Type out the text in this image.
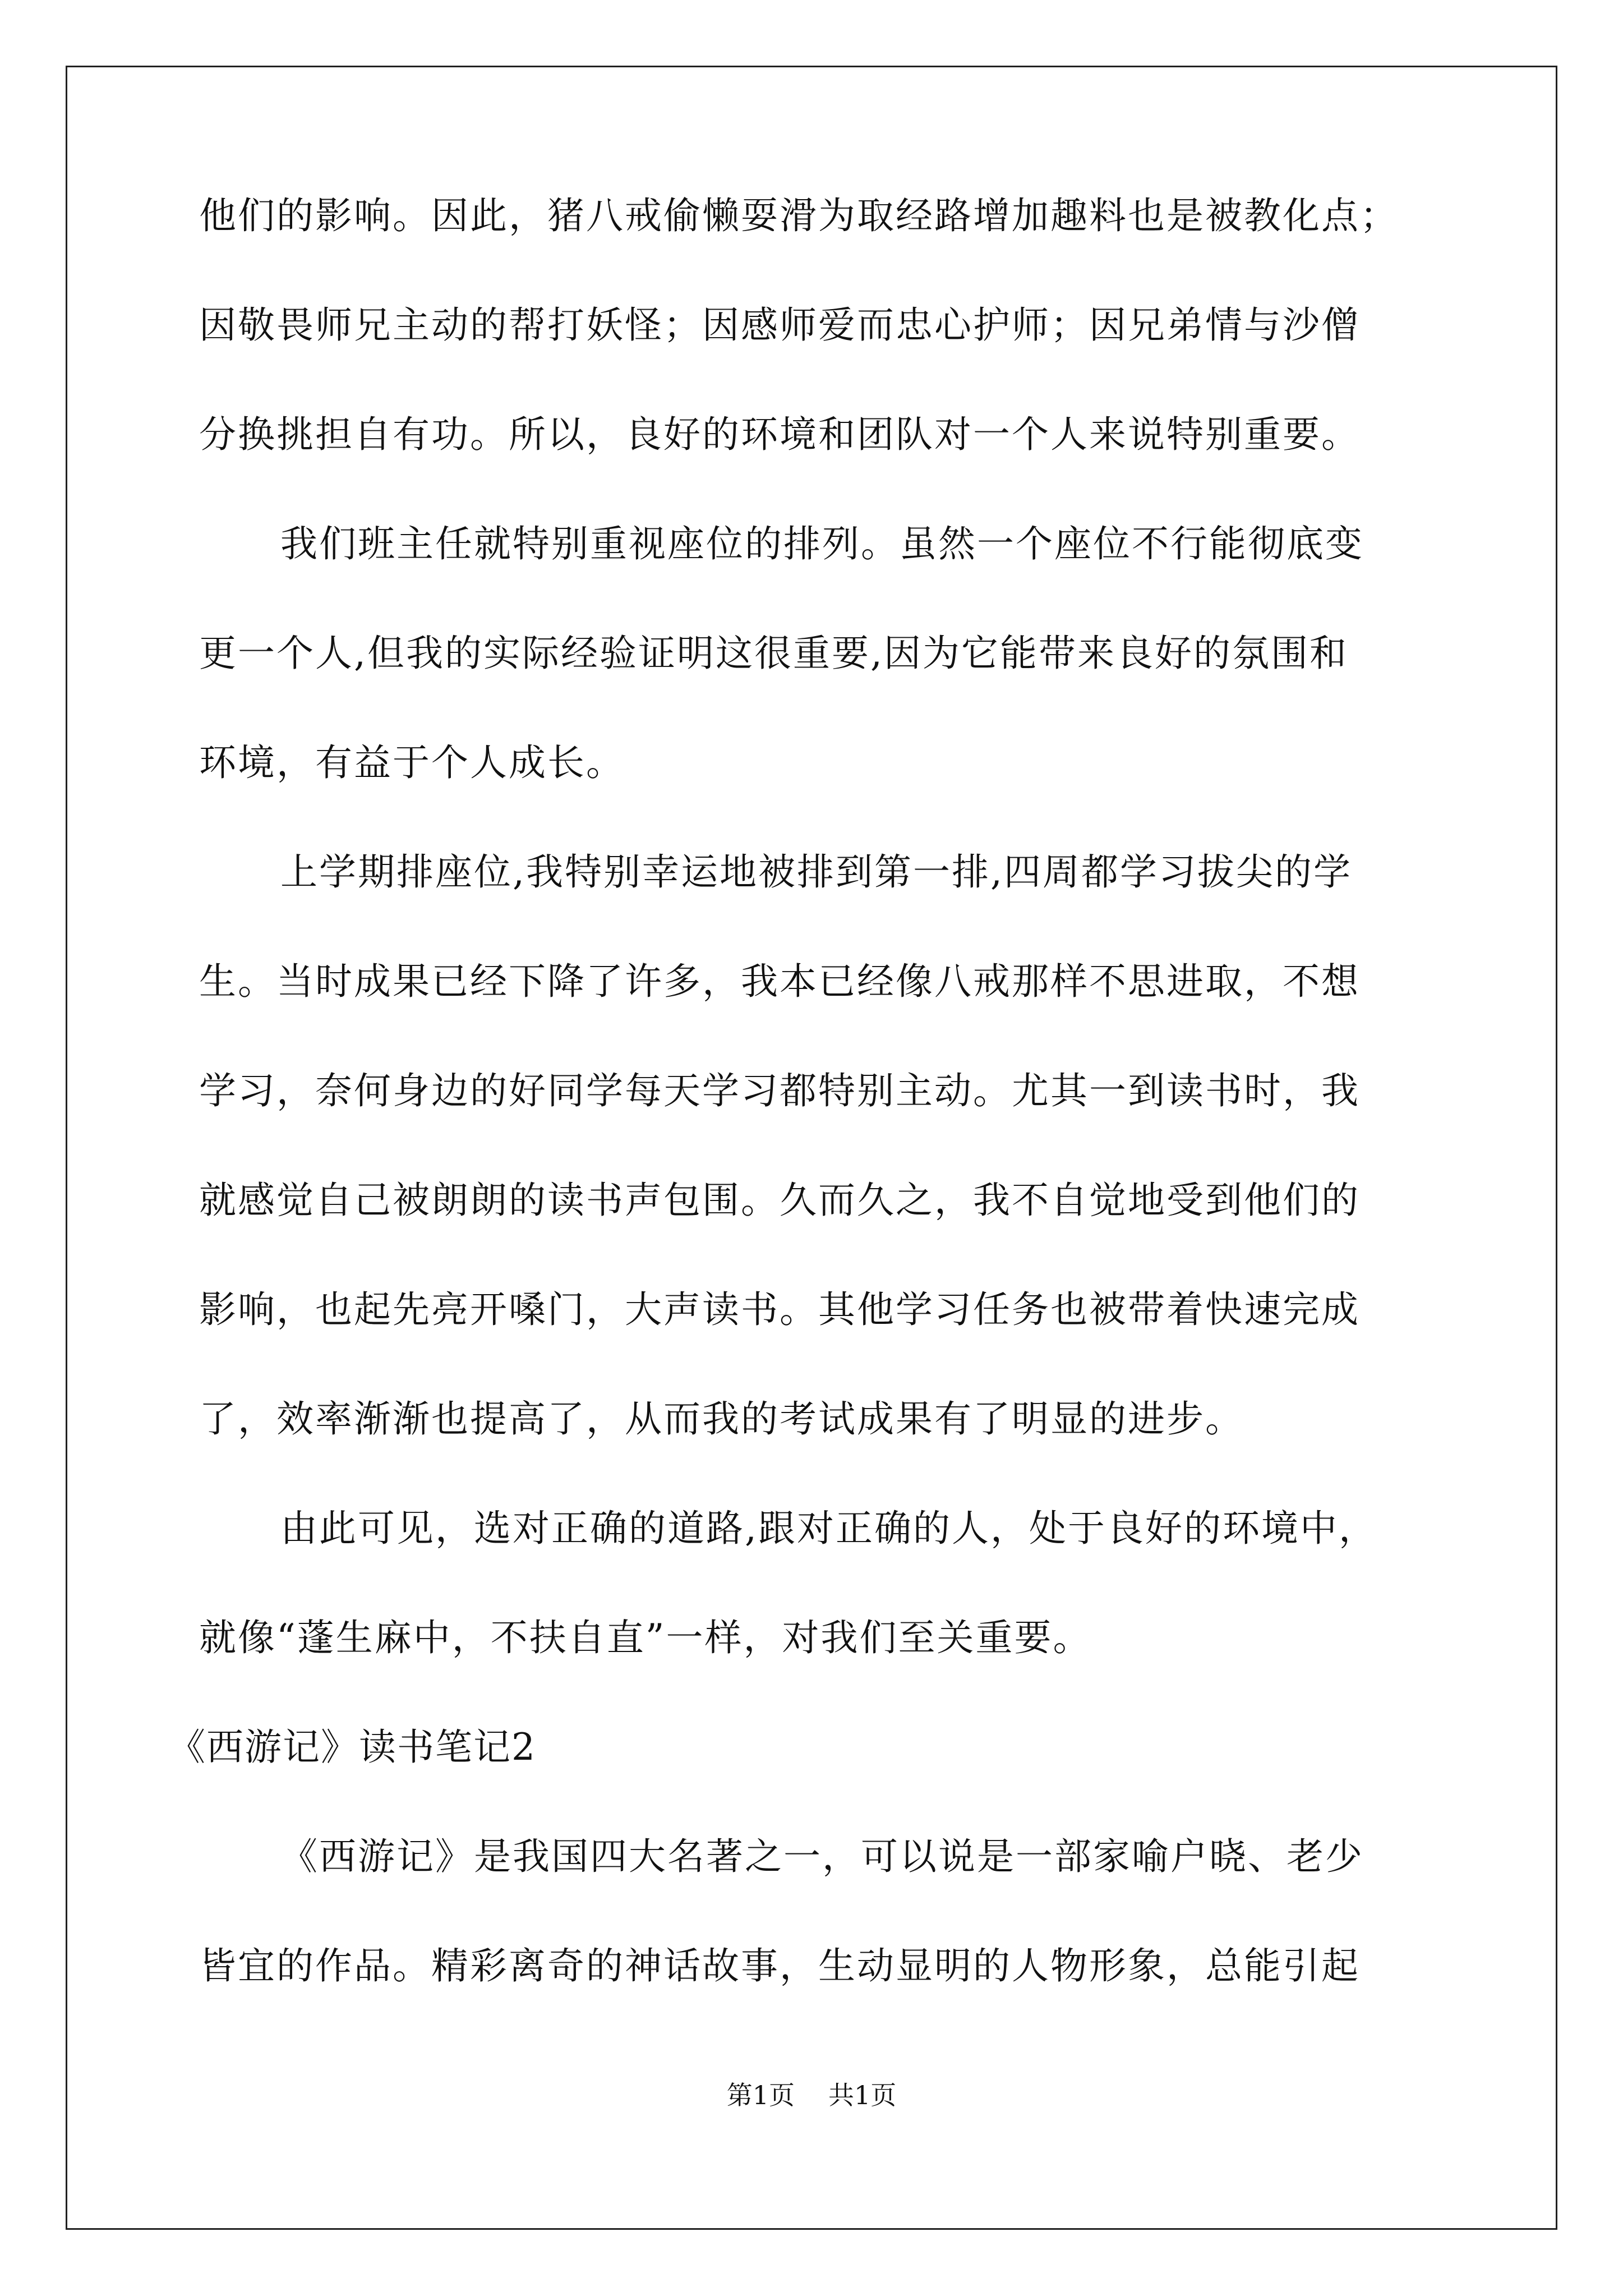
他们的影响。因此，猪八戒偷懒耍滑为取经路增加趣料也是被教化点；
因敬畏师兄主动的帮打妖怪；因感师爱而忠心护师；因兄弟情与沙僧
分换挑担自有功。所以，良好的环境和团队对一个人来说特别重要。
我们班主任就特别重视座位的排列。虽然一个座位不行能彻底变
更一个人,但我的实际经验证明这很重要,因为它能带来良好的氛围和
环境，有益于个人成长。
上学期排座位,我特别幸运地被排到第一排,四周都学习拔尖的学
生。当时成果已经下降了许多，我本已经像八戒那样不思进取，不想
学习，奈何身边的好同学每天学习都特别主动。尤其一到读书时，我
就感觉自己被朗朗的读书声包围。久而久之，我不自觉地受到他们的
影响，也起先亮开嗓门，大声读书。其他学习任务也被带着快速完成
了，效率渐渐也提高了，从而我的考试成果有了明显的进步。
由此可见，选对正确的道路,跟对正确的人，处于良好的环境中，
就像“蓬生麻中，不扶自直”一样，对我们至关重要。
《西游记》读书笔记2
《西游记》是我国四大名著之一，可以说是一部家喻户晓、老少
皆宜的作品。精彩离奇的神话故事，生动显明的人物形象，总能引起
第1页 共1页
